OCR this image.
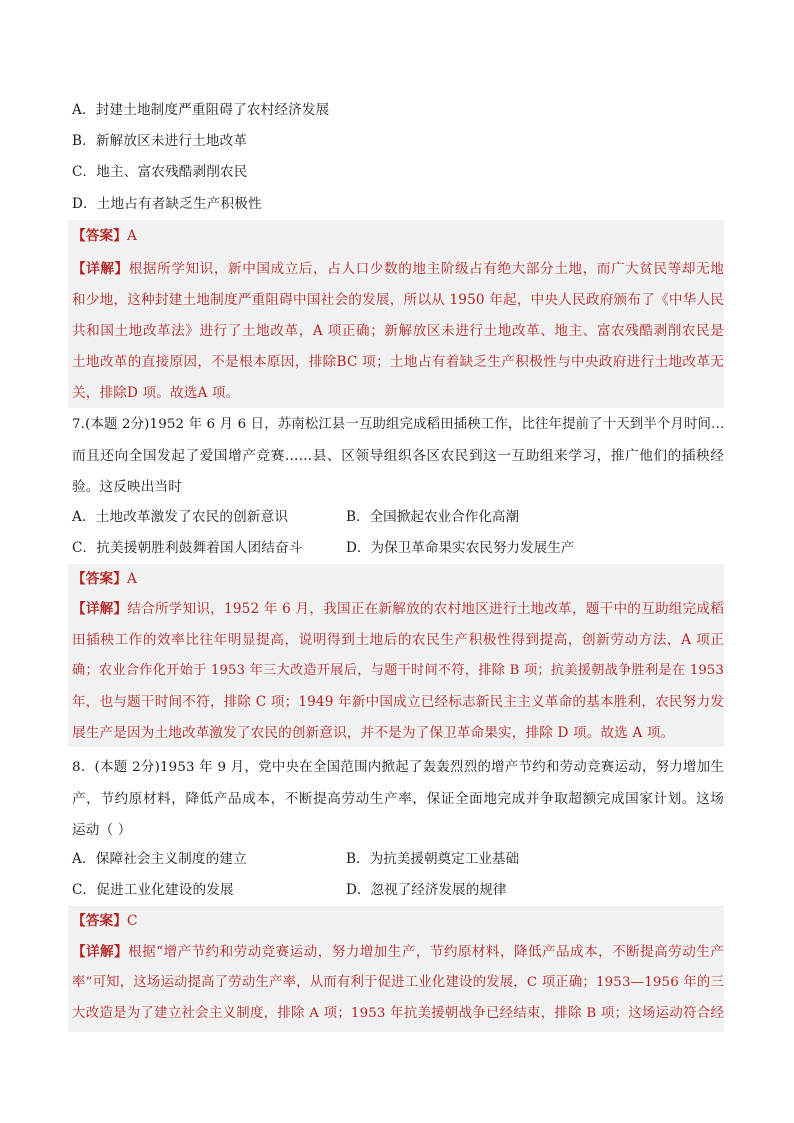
A．封建土地制度严重阻碍了农村经济发展
B．新解放区未进行土地改革
C．地主、富农残酷剥削农民
D．土地占有者缺乏生产积极性
【答案】A
【详解】根据所学知识，新中国成立后，占人口少数的地主阶级占有绝大部分土地，而广大贫民等却无地
和少地，这种封建土地制度严重阻碍中国社会的发展，所以从 1950 年起，中央人民政府颁布了《中华人民
共和国土地改革法》进行了土地改革，A 项正确；新解放区未进行土地改革、地主、富农残酷剥削农民是
土地改革的直接原因，不是根本原因，排除BC 项；土地占有着缺乏生产积极性与中央政府进行土地改革无
关，排除D 项。故选A 项。
7.(本题 2分)1952 年 6 月 6 日，苏南松江县一互助组完成稻田插秧工作，比往年提前了十天到半个月时间…
而且还向全国发起了爱国增产竞赛……县、区领导组织各区农民到这一互助组来学习，推广他们的插秧经
验。这反映出当时
A．土地改革激发了农民的创新意识	B．全国掀起农业合作化高潮
C．抗美援朝胜利鼓舞着国人团结奋斗	D．为保卫革命果实农民努力发展生产
【答案】A
【详解】结合所学知识，1952 年 6 月，我国正在新解放的农村地区进行土地改革，题干中的互助组完成稻
田插秧工作的效率比往年明显提高，说明得到土地后的农民生产积极性得到提高，创新劳动方法，A 项正
确；农业合作化开始于 1953 年三大改造开展后，与题干时间不符，排除 B 项；抗美援朝战争胜利是在 1953
年，也与题干时间不符，排除 C 项；1949 年新中国成立已经标志新民主主义革命的基本胜利，农民努力发
展生产是因为土地改革激发了农民的创新意识，并不是为了保卫革命果实，排除 D 项。故选 A 项。
8．(本题 2分)1953 年 9 月，党中央在全国范围内掀起了轰轰烈烈的增产节约和劳动竞赛运动，努力增加生
产，节约原材料，降低产品成本，不断提高劳动生产率，保证全面地完成并争取超额完成国家计划。这场
运动（ ）
A．保障社会主义制度的建立	B．为抗美援朝奠定工业基础
C．促进工业化建设的发展	D．忽视了经济发展的规律
【答案】C
【详解】根据“增产节约和劳动竞赛运动，努力增加生产，节约原材料，降低产品成本，不断提高劳动生产
率”可知，这场运动提高了劳动生产率，从而有利于促进工业化建设的发展，C 项正确；1953—1956 年的三
大改造是为了建立社会主义制度，排除 A 项；1953 年抗美援朝战争已经结束，排除 B 项；这场运动符合经
